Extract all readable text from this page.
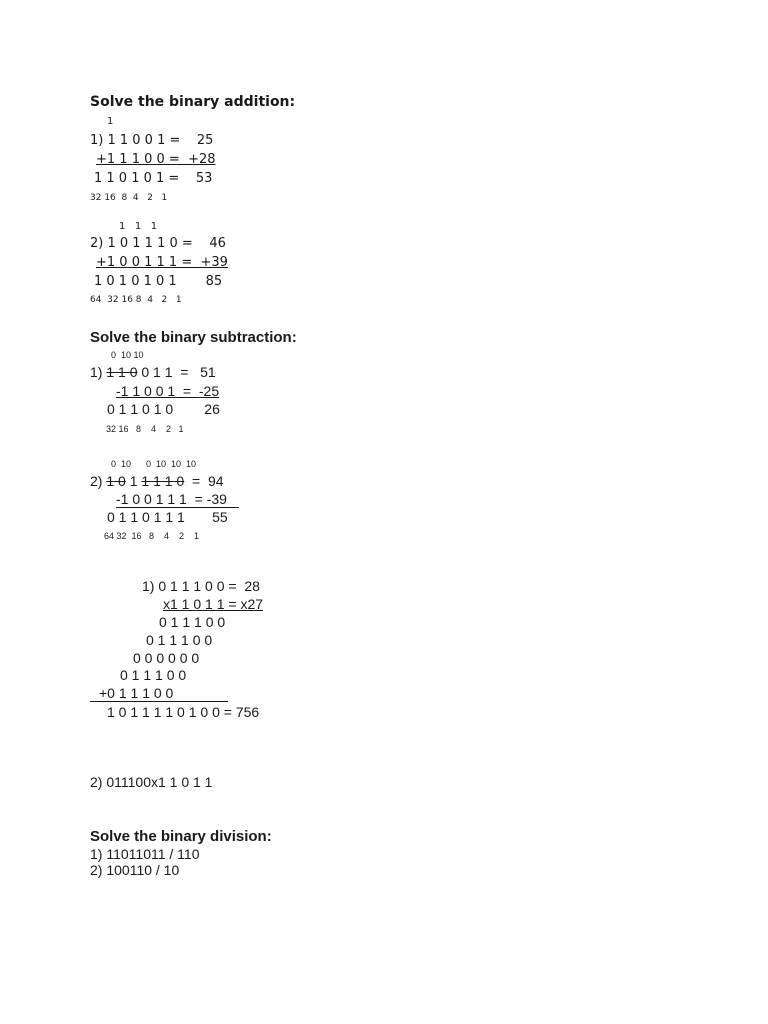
Solve the binary addition:
1
1) 1 1 0 0 1 =    25
+1 1 1 0 0 =  +28
1 1 0 1 0 1 =    53
32 16  8  4   2   1
1   1   1
2) 1 0 1 1 1 0 =    46
+1 0 0 1 1 1 =  +39
1 0 1 0 1 0 1       85
64  32 16 8  4   2   1
Solve the binary subtraction:
0  10 10
1) 1 1 0 0 1 1  =   51
-1 1 0 0 1  =  -25
0 1 1 0 1 0        26
32 16   8    4    2   1
0  10      0  10  10  10
2) 1 0 1 1 1 1 0  =  94
-1 0 0 1 1 1  = -39
0 1 1 0 1 1 1       55
64 32  16   8    4    2    1
1) 0 1 1 1 0 0 =  28
x1 1 0 1 1 = x27
0 1 1 1 0 0
0 1 1 1 0 0
0 0 0 0 0 0
0 1 1 1 0 0
+0 1 1 1 0 0
1 0 1 1 1 1 0 1 0 0 = 756
2) 011100x1 1 0 1 1
Solve the binary division:
1) 11011011 / 110
2) 100110 / 10
